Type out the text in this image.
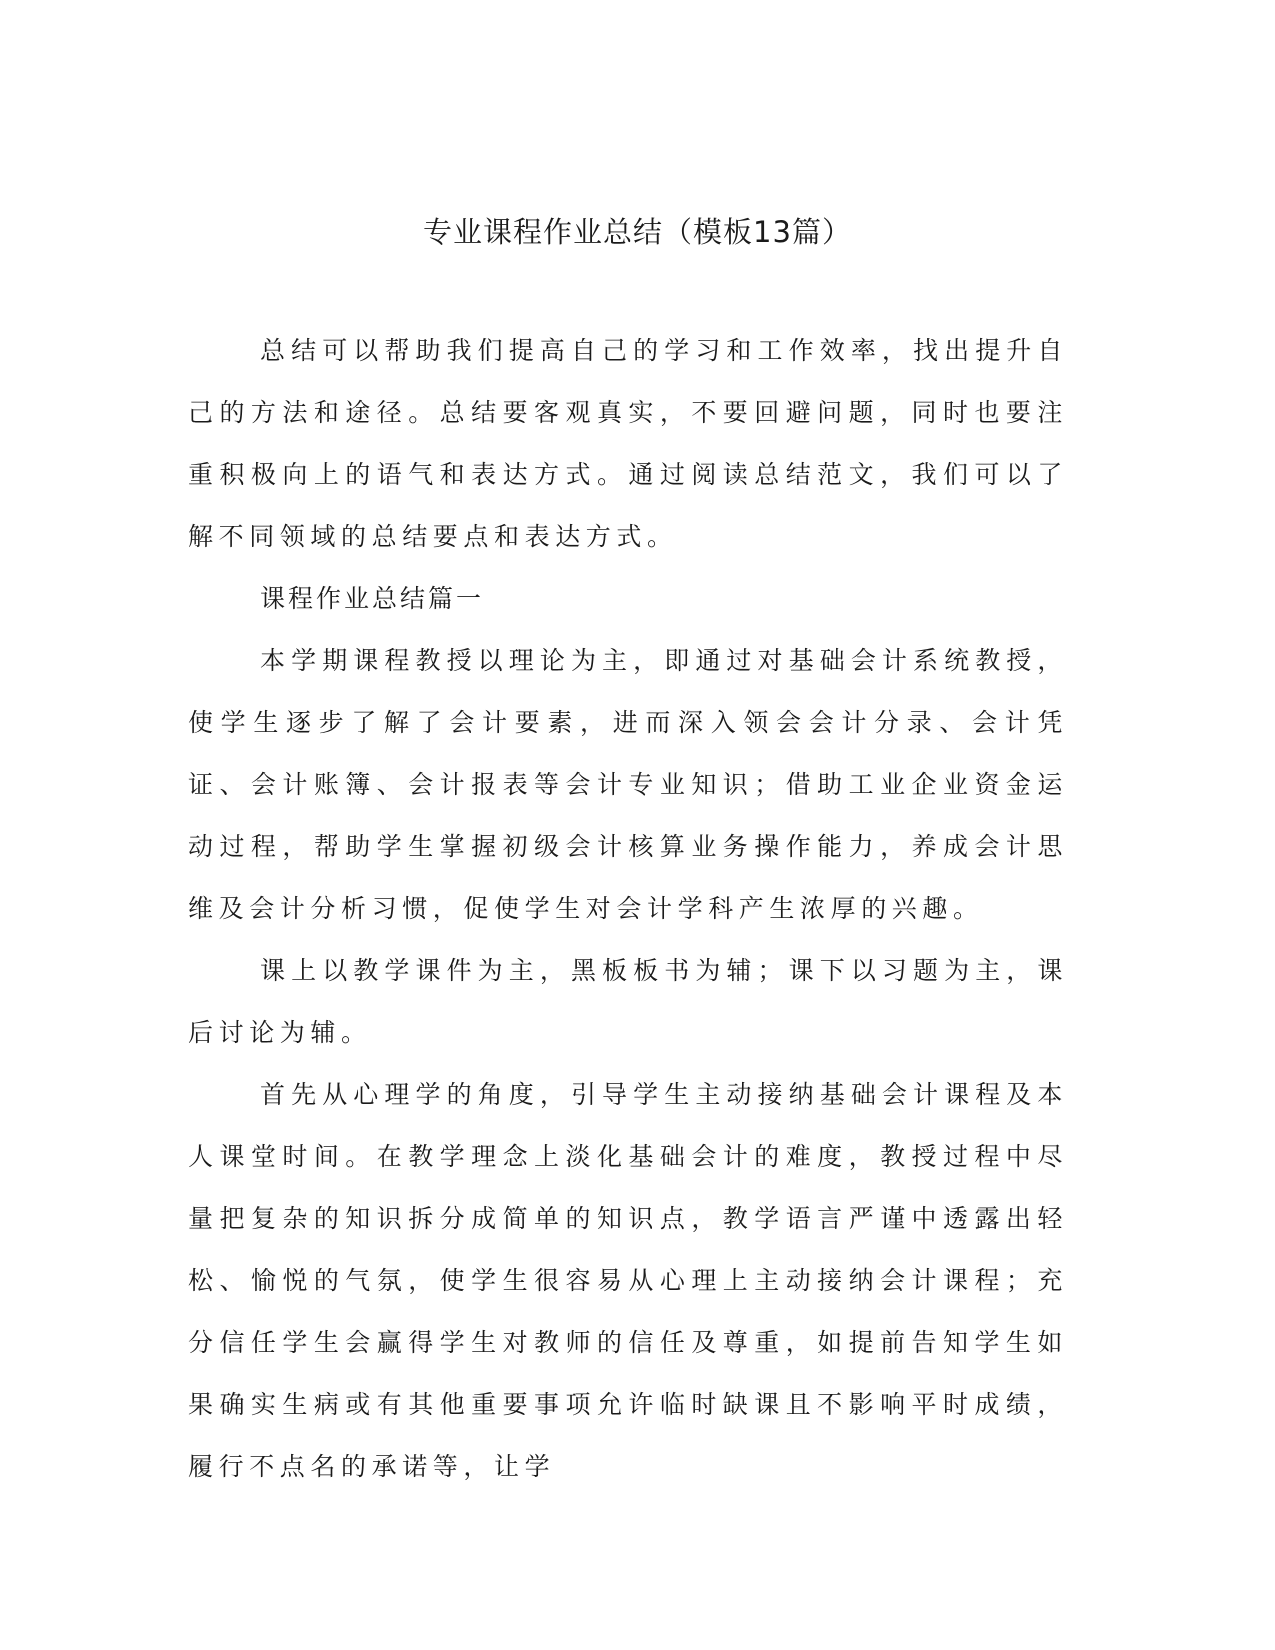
专业课程作业总结（模板13篇）

总结可以帮助我们提高自己的学习和工作效率，找出提升自己的方法和途径。总结要客观真实，不要回避问题，同时也要注重积极向上的语气和表达方式。通过阅读总结范文，我们可以了解不同领域的总结要点和表达方式。

课程作业总结篇一

本学期课程教授以理论为主，即通过对基础会计系统教授，使学生逐步了解了会计要素，进而深入领会会计分录、会计凭证、会计账簿、会计报表等会计专业知识；借助工业企业资金运动过程，帮助学生掌握初级会计核算业务操作能力，养成会计思维及会计分析习惯，促使学生对会计学科产生浓厚的兴趣。

课上以教学课件为主，黑板板书为辅；课下以习题为主，课后讨论为辅。

首先从心理学的角度，引导学生主动接纳基础会计课程及本人课堂时间。在教学理念上淡化基础会计的难度，教授过程中尽量把复杂的知识拆分成简单的知识点，教学语言严谨中透露出轻松、愉悦的气氛，使学生很容易从心理上主动接纳会计课程；充分信任学生会赢得学生对教师的信任及尊重，如提前告知学生如果确实生病或有其他重要事项允许临时缺课且不影响平时成绩，履行不点名的承诺等，让学
